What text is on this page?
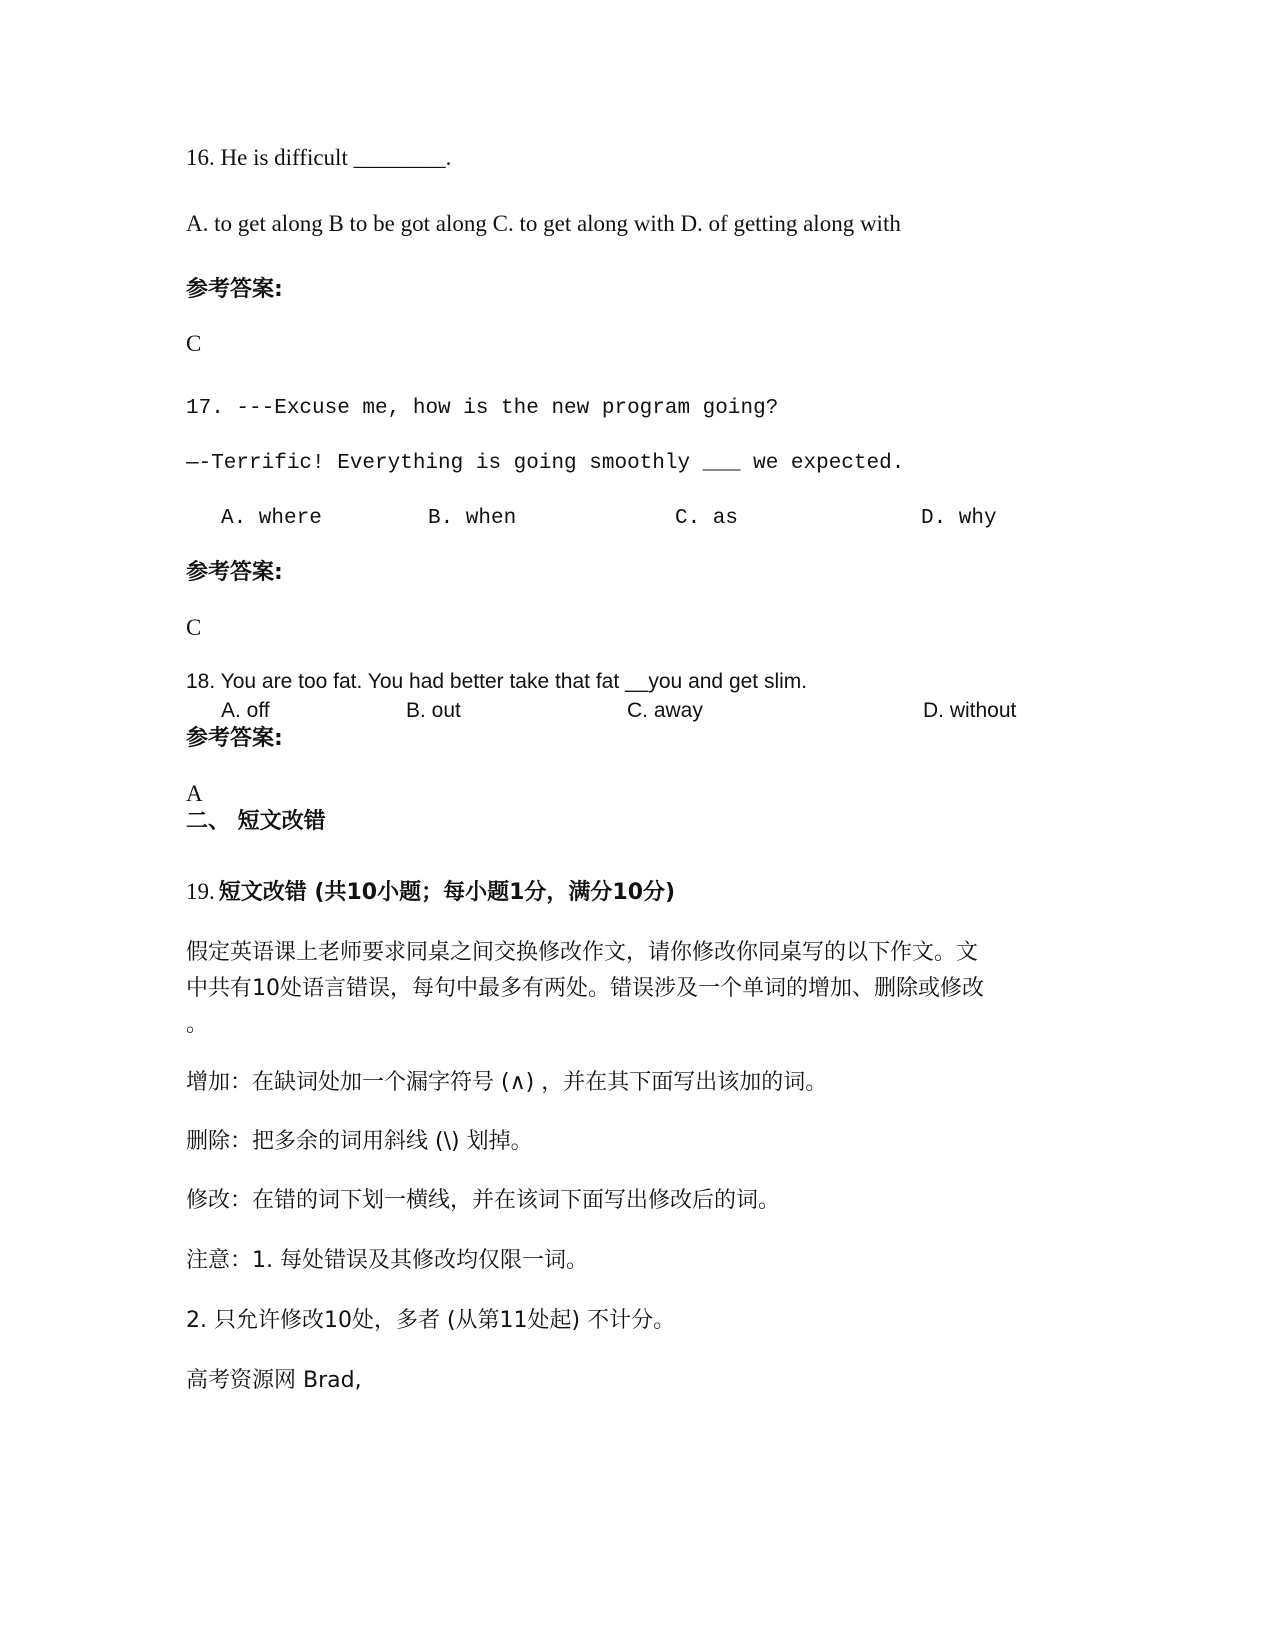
16. He is difficult ________.
A. to get along B to be got along C. to get along with D. of getting along with
参考答案:
C
17. ---Excuse me, how is the new program going?
—-Terrific! Everything is going smoothly ___ we expected.
A. where	B. when	C. as	D. why
参考答案:
C
18. You are too fat. You had better take that fat __you and get slim.
A. off	B. out	C. away	D. without
参考答案:
A
二、 短文改错
19. 短文改错 (共10小题；每小题1分，满分10分)
假定英语课上老师要求同桌之间交换修改作文，请你修改你同桌写的以下作文。文
中共有10处语言错误，每句中最多有两处。错误涉及一个单词的增加、删除或修改
。
增加：在缺词处加一个漏字符号 (∧) ，并在其下面写出该加的词。
删除：把多余的词用斜线 (\) 划掉。
修改：在错的词下划一横线，并在该词下面写出修改后的词。
注意：1. 每处错误及其修改均仅限一词。
2. 只允许修改10处，多者 (从第11处起) 不计分。
高考资源网 Brad,
